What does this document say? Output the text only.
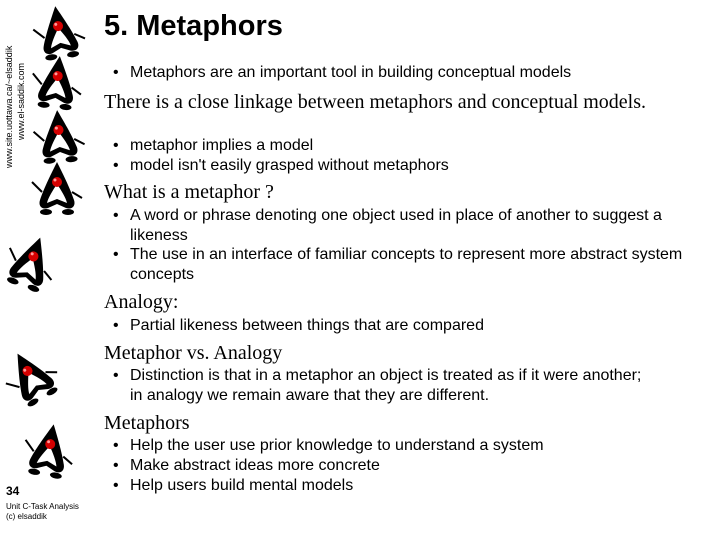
www.site.uottawa.ca/~elsaddik www.el-saddik.com
5. Metaphors
• Metaphors are an important tool in building conceptual models
There is a close linkage between metaphors and conceptual models.
• metaphor implies a model
• model isn't easily grasped without metaphors
What is a metaphor ?
• A word or phrase denoting one object used in place of another to suggest a likeness
• The use in an interface of familiar concepts to represent more abstract system concepts
Analogy:
• Partial likeness between things that are compared
Metaphor vs. Analogy
• Distinction is that in a metaphor an object is treated as if it were another; in analogy we remain aware that they are different.
Metaphors
• Help the user use prior knowledge to understand a system
• Make abstract ideas more concrete
• Help users build mental models
34
Unit C-Task Analysis
(c) elsaddik
